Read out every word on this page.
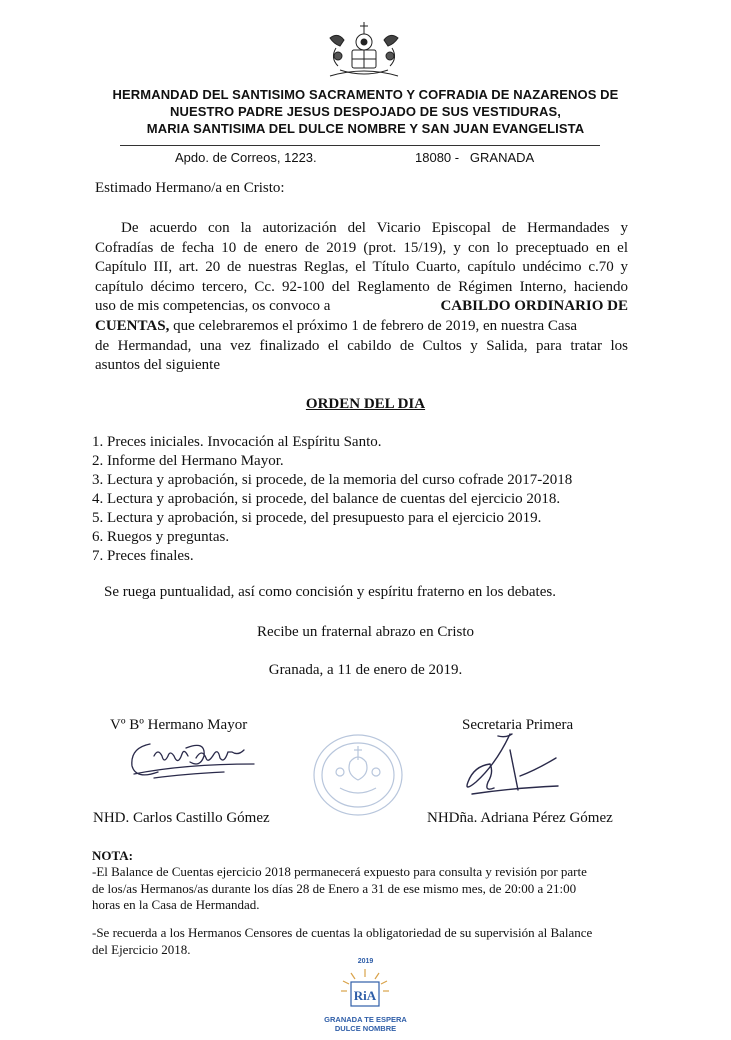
HERMANDAD DEL SANTISIMO SACRAMENTO Y COFRADIA DE NAZARENOS DE
NUESTRO PADRE JESUS DESPOJADO DE SUS VESTIDURAS,
MARIA SANTISIMA DEL DULCE NOMBRE Y SAN JUAN EVANGELISTA
Apdo. de Correos, 1223.	18080 -   GRANADA
Estimado Hermano/a en Cristo:
De acuerdo con la autorización del Vicario Episcopal de Hermandades y
Cofradías de fecha 10 de enero de 2019 (prot. 15/19), y con lo preceptuado en el
Capítulo III, art. 20 de nuestras Reglas, el Título Cuarto, capítulo undécimo c.70 y
capítulo décimo tercero, Cc. 92-100 del Reglamento de Régimen Interno, haciendo
uso de mis competencias, os convoco a	CABILDO ORDINARIO DE
CUENTAS, que celebraremos el próximo 1 de febrero de 2019, en nuestra Casa
de Hermandad, una vez finalizado el cabildo de Cultos y Salida, para tratar los
asuntos del siguiente
ORDEN DEL DIA
1. Preces iniciales. Invocación al Espíritu Santo.
2. Informe del Hermano Mayor.
3. Lectura y aprobación, si procede, de la memoria del curso cofrade 2017-2018
4. Lectura y aprobación, si procede, del balance de cuentas del ejercicio 2018.
5. Lectura y aprobación, si procede, del presupuesto para el ejercicio 2019.
6. Ruegos y preguntas.
7. Preces finales.
Se ruega puntualidad, así como concisión y espíritu fraterno en los debates.
Recibe un fraternal abrazo en Cristo
Granada, a 11 de enero de 2019.
Vº Bº Hermano Mayor	Secretaria Primera
NHD. Carlos Castillo Gómez	NHDña. Adriana Pérez Gómez
NOTA:
-El Balance de Cuentas ejercicio 2018 permanecerá expuesto para consulta y revisión por parte
de los/as Hermanos/as durante los días 28 de Enero a 31 de ese mismo mes, de 20:00 a 21:00
horas en la Casa de Hermandad.
-Se recuerda a los Hermanos Censores de cuentas la obligatoriedad de su supervisión al Balance
del Ejercicio 2018.
2019
RiA
GRANADA TE ESPERA
DULCE NOMBRE
